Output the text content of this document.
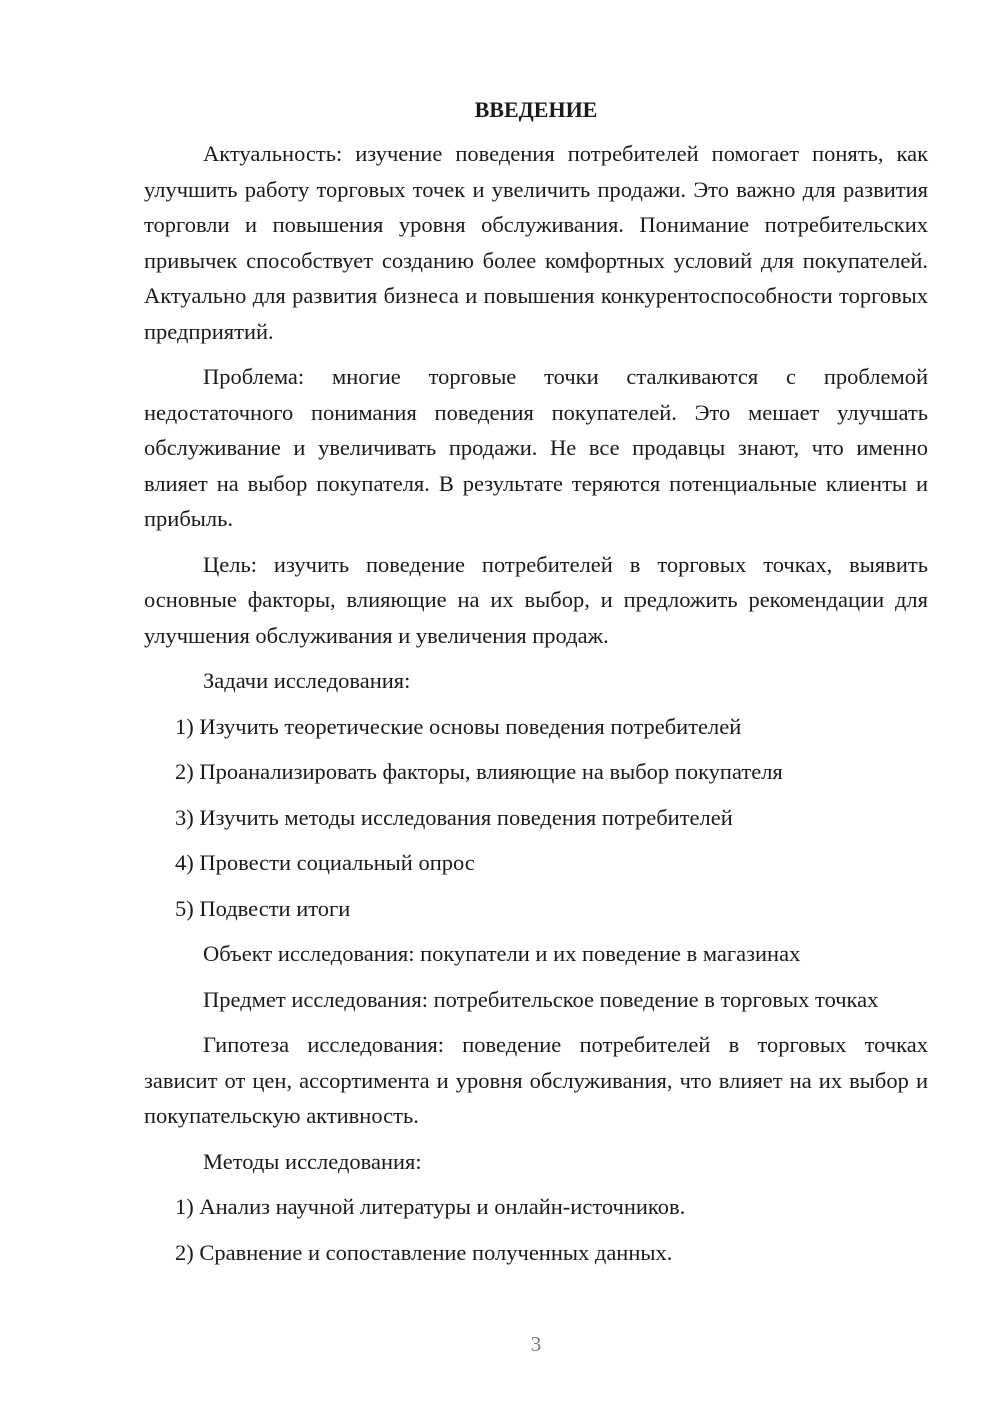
ВВЕДЕНИЕ

Актуальность: изучение поведения потребителей помогает понять, как улучшить работу торговых точек и увеличить продажи. Это важно для развития торговли и повышения уровня обслуживания. Понимание потребительских привычек способствует созданию более комфортных условий для покупателей. Актуально для развития бизнеса и повышения конкурентоспособности торговых предприятий.

Проблема: многие торговые точки сталкиваются с проблемой недостаточного понимания поведения покупателей. Это мешает улучшать обслуживание и увеличивать продажи. Не все продавцы знают, что именно влияет на выбор покупателя. В результате теряются потенциальные клиенты и прибыль.

Цель: изучить поведение потребителей в торговых точках, выявить основные факторы, влияющие на их выбор, и предложить рекомендации для улучшения обслуживания и увеличения продаж.

Задачи исследования:

1) Изучить теоретические основы поведения потребителей
2) Проанализировать факторы, влияющие на выбор покупателя
3) Изучить методы исследования поведения потребителей
4) Провести социальный опрос
5) Подвести итоги

Объект исследования: покупатели и их поведение в магазинах

Предмет исследования: потребительское поведение в торговых точках

Гипотеза исследования: поведение потребителей в торговых точках зависит от цен, ассортимента и уровня обслуживания, что влияет на их выбор и покупательскую активность.

Методы исследования:

1) Анализ научной литературы и онлайн-источников.
2) Сравнение и сопоставление полученных данных.
3
